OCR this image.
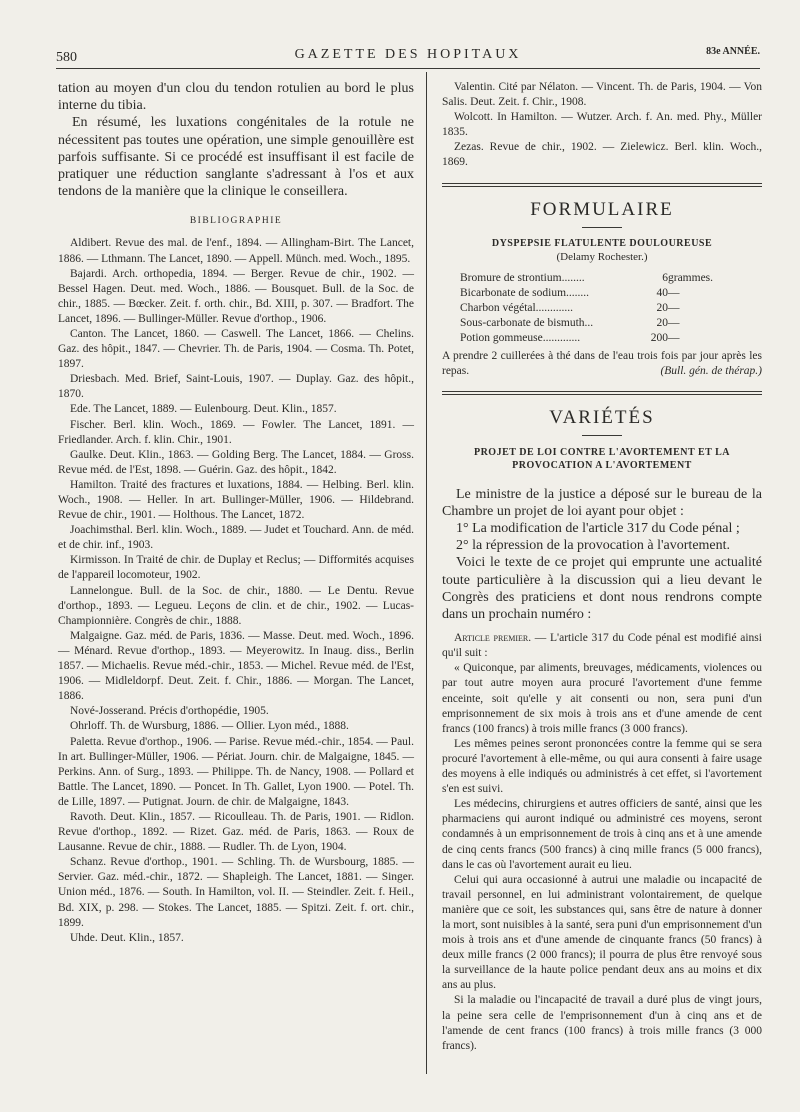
580	GAZETTE DES HOPITAUX	83e ANNÉE.

tation au moyen d'un clou du tendon rotulien au bord le plus interne du tibia.

En résumé, les luxations congénitales de la rotule ne nécessitent pas toutes une opération, une simple genouillère est parfois suffisante. Si ce procédé est insuffisant il est facile de pratiquer une réduction sanglante s'adressant à l'os et aux tendons de la manière que la clinique le conseillera.

BIBLIOGRAPHIE

Aldibert. Revue des mal. de l'enf., 1894. — Allingham-Birt. The Lancet, 1886. — Lthmann. The Lancet, 1890. — Appell. Münch. med. Woch., 1895.

Bajardi. Arch. orthopedia, 1894. — Berger. Revue de chir., 1902. — Bessel Hagen. Deut. med. Woch., 1886. — Bousquet. Bull. de la Soc. de chir., 1885. — Bœcker. Zeit. f. orth. chir., Bd. XIII, p. 307. — Bradfort. The Lancet, 1896. — Bullinger-Müller. Revue d'orthop., 1906.

Canton. The Lancet, 1860. — Caswell. The Lancet, 1866. — Chelins. Gaz. des hôpit., 1847. — Chevrier. Th. de Paris, 1904. — Cosma. Th. Potet, 1897.

Driesbach. Med. Brief, Saint-Louis, 1907. — Duplay. Gaz. des hôpit., 1870.

Ede. The Lancet, 1889. — Eulenbourg. Deut. Klin., 1857.

Fischer. Berl. klin. Woch., 1869. — Fowler. The Lancet, 1891. — Friedlander. Arch. f. klin. Chir., 1901.

Gaulke. Deut. Klin., 1863. — Golding Berg. The Lancet, 1884. — Gross. Revue méd. de l'Est, 1898. — Guérin. Gaz. des hôpit., 1842.

Hamilton. Traité des fractures et luxations, 1884. — Helbing. Berl. klin. Woch., 1908. — Heller. In art. Bullinger-Müller, 1906. — Hildebrand. Revue de chir., 1901. — Holthous. The Lancet, 1872.

Joachimsthal. Berl. klin. Woch., 1889. — Judet et Touchard. Ann. de méd. et de chir. inf., 1903.

Kirmisson. In Traité de chir. de Duplay et Reclus; — Difformités acquises de l'appareil locomoteur, 1902.

Lannelongue. Bull. de la Soc. de chir., 1880. — Le Dentu. Revue d'orthop., 1893. — Legueu. Leçons de clin. et de chir., 1902. — Lucas-Championnière. Congrès de chir., 1888.

Malgaigne. Gaz. méd. de Paris, 1836. — Masse. Deut. med. Woch., 1896. — Ménard. Revue d'orthop., 1893. — Meyerowitz. In Inaug. diss., Berlin 1857. — Michaelis. Revue méd.-chir., 1853. — Michel. Revue méd. de l'Est, 1906. — Midleldorpf. Deut. Zeit. f. Chir., 1886. — Morgan. The Lancet, 1886.

Nové-Josserand. Précis d'orthopédie, 1905.

Ohrloff. Th. de Wursburg, 1886. — Ollier. Lyon méd., 1888.

Paletta. Revue d'orthop., 1906. — Parise. Revue méd.-chir., 1854. — Paul. In art. Bullinger-Müller, 1906. — Périat. Journ. chir. de Malgaigne, 1845. — Perkins. Ann. of Surg., 1893. — Philippe. Th. de Nancy, 1908. — Pollard et Battle. The Lancet, 1890. — Poncet. In Th. Gallet, Lyon 1900. — Potel. Th. de Lille, 1897. — Putignat. Journ. de chir. de Malgaigne, 1843.

Ravoth. Deut. Klin., 1857. — Ricoulleau. Th. de Paris, 1901. — Ridlon. Revue d'orthop., 1892. — Rizet. Gaz. méd. de Paris, 1863. — Roux de Lausanne. Revue de chir., 1888. — Rudler. Th. de Lyon, 1904.

Schanz. Revue d'orthop., 1901. — Schling. Th. de Wursbourg, 1885. — Servier. Gaz. méd.-chir., 1872. — Shapleigh. The Lancet, 1881. — Singer. Union méd., 1876. — South. In Hamilton, vol. II. — Steindler. Zeit. f. Heil., Bd. XIX, p. 298. — Stokes. The Lancet, 1885. — Spitzi. Zeit. f. ort. chir., 1899.

Uhde. Deut. Klin., 1857.

Valentin. Cité par Nélaton. — Vincent. Th. de Paris, 1904. — Von Salis. Deut. Zeit. f. Chir., 1908.

Wolcott. In Hamilton. — Wutzer. Arch. f. An. med. Phy., Müller 1835.

Zezas. Revue de chir., 1902. — Zielewicz. Berl. klin. Woch., 1869.

FORMULAIRE
DYSPEPSIE FLATULENTE DOULOUREUSE
(Delamy Rochester.)
Bromure de strontium........	6	grammes.
Bicarbonate de sodium........	40	—
Charbon végétal.............	20	—
Sous-carbonate de bismuth...	20	—
Potion gommeuse.............	200	—

A prendre 2 cuillerées à thé dans de l'eau trois fois par jour après les repas.	(Bull. gén. de thérap.)

VARIÉTÉS
PROJET DE LOI CONTRE L'AVORTEMENT ET LA PROVOCATION A L'AVORTEMENT

Le ministre de la justice a déposé sur le bureau de la Chambre un projet de loi ayant pour objet :

1° La modification de l'article 317 du Code pénal ;

2° la répression de la provocation à l'avortement.

Voici le texte de ce projet qui emprunte une actualité toute particulière à la discussion qui a lieu devant le Congrès des praticiens et dont nous rendrons compte dans un prochain numéro :

Article premier. — L'article 317 du Code pénal est modifié ainsi qu'il suit :

« Quiconque, par aliments, breuvages, médicaments, violences ou par tout autre moyen aura procuré l'avortement d'une femme enceinte, soit qu'elle y ait consenti ou non, sera puni d'un emprisonnement de six mois à trois ans et d'une amende de cent francs (100 francs) à trois mille francs (3 000 francs).

Les mêmes peines seront prononcées contre la femme qui se sera procuré l'avortement à elle-même, ou qui aura consenti à faire usage des moyens à elle indiqués ou administrés à cet effet, si l'avortement s'en est suivi.

Les médecins, chirurgiens et autres officiers de santé, ainsi que les pharmaciens qui auront indiqué ou administré ces moyens, seront condamnés à un emprisonnement de trois à cinq ans et à une amende de cinq cents francs (500 francs) à cinq mille francs (5 000 francs), dans le cas où l'avortement aurait eu lieu.

Celui qui aura occasionné à autrui une maladie ou incapacité de travail personnel, en lui administrant volontairement, de quelque manière que ce soit, les substances qui, sans être de nature à donner la mort, sont nuisibles à la santé, sera puni d'un emprisonnement d'un mois à trois ans et d'une amende de cinquante francs (50 francs) à deux mille francs (2 000 francs); il pourra de plus être renvoyé sous la surveillance de la haute police pendant deux ans au moins et dix ans au plus.

Si la maladie ou l'incapacité de travail a duré plus de vingt jours, la peine sera celle de l'emprisonnement d'un à cinq ans et de l'amende de cent francs (100 francs) à trois mille francs (3 000 francs).
